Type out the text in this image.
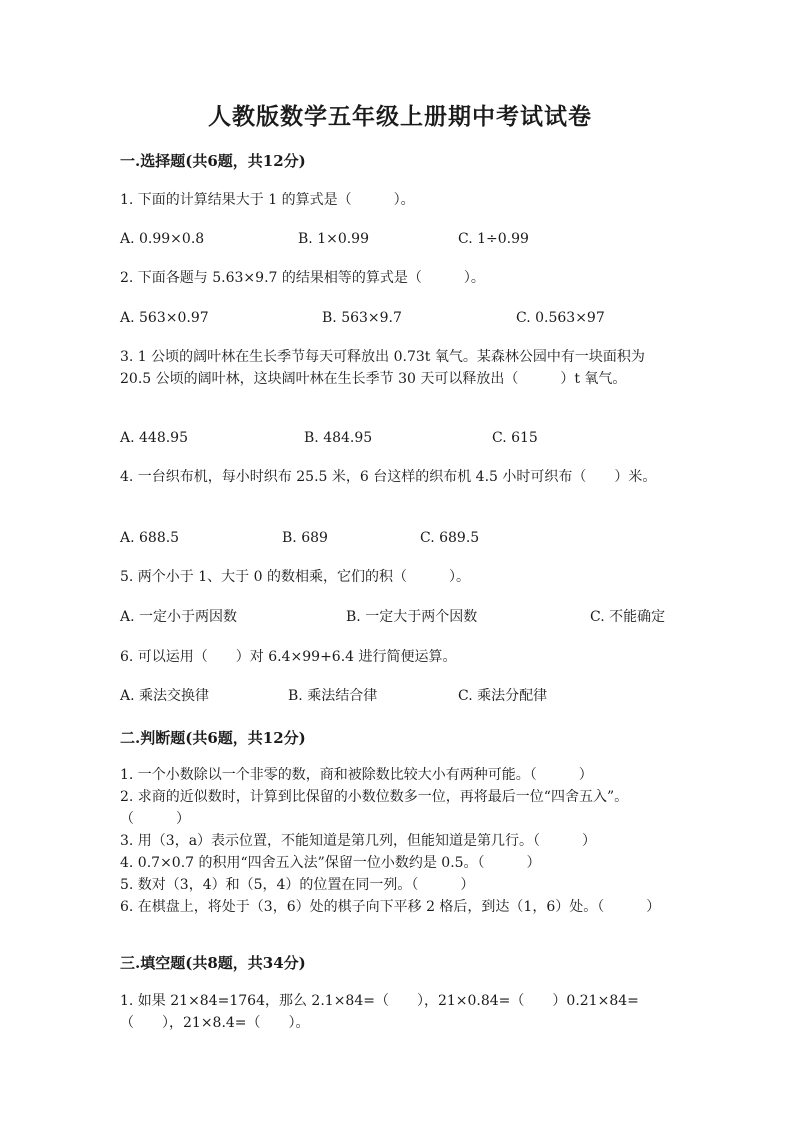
人教版数学五年级上册期中考试试卷
一.选择题(共6题，共12分)
1. 下面的计算结果大于 1 的算式是（　　　）。
A. 0.99×0.8	B. 1×0.99	C. 1÷0.99
2. 下面各题与 5.63×9.7 的结果相等的算式是（　　　）。
A. 563×0.97	B. 563×9.7	C. 0.563×97
3. 1 公顷的阔叶林在生长季节每天可释放出 0.73t 氧气。某森林公园中有一块面积为 20.5 公顷的阔叶林，这块阔叶林在生长季节 30 天可以释放出（　　　）t 氧气。
A. 448.95	B. 484.95	C. 615
4. 一台织布机，每小时织布 25.5 米，6 台这样的织布机 4.5 小时可织布（　　）米。
A. 688.5	B. 689	C. 689.5
5. 两个小于 1、大于 0 的数相乘，它们的积（　　　）。
A. 一定小于两因数	B. 一定大于两个因数	C. 不能确定
6. 可以运用（　　）对 6.4×99+6.4 进行简便运算。
A. 乘法交换律	B. 乘法结合律	C. 乘法分配律
二.判断题(共6题，共12分)
1. 一个小数除以一个非零的数，商和被除数比较大小有两种可能。（　　　）
2. 求商的近似数时，计算到比保留的小数位数多一位，再将最后一位“四舍五入”。（　　　）
3. 用（3，a）表示位置，不能知道是第几列，但能知道是第几行。（　　　）
4. 0.7×0.7 的积用“四舍五入法”保留一位小数约是 0.5。（　　　）
5. 数对（3，4）和（5，4）的位置在同一列。（　　　）
6. 在棋盘上，将处于（3，6）处的棋子向下平移 2 格后，到达（1，6）处。（　　　）
三.填空题(共8题，共34分)
1. 如果 21×84=1764，那么 2.1×84=（　　），21×0.84=（　　）0.21×84=（　　），21×8.4=（　　）。
